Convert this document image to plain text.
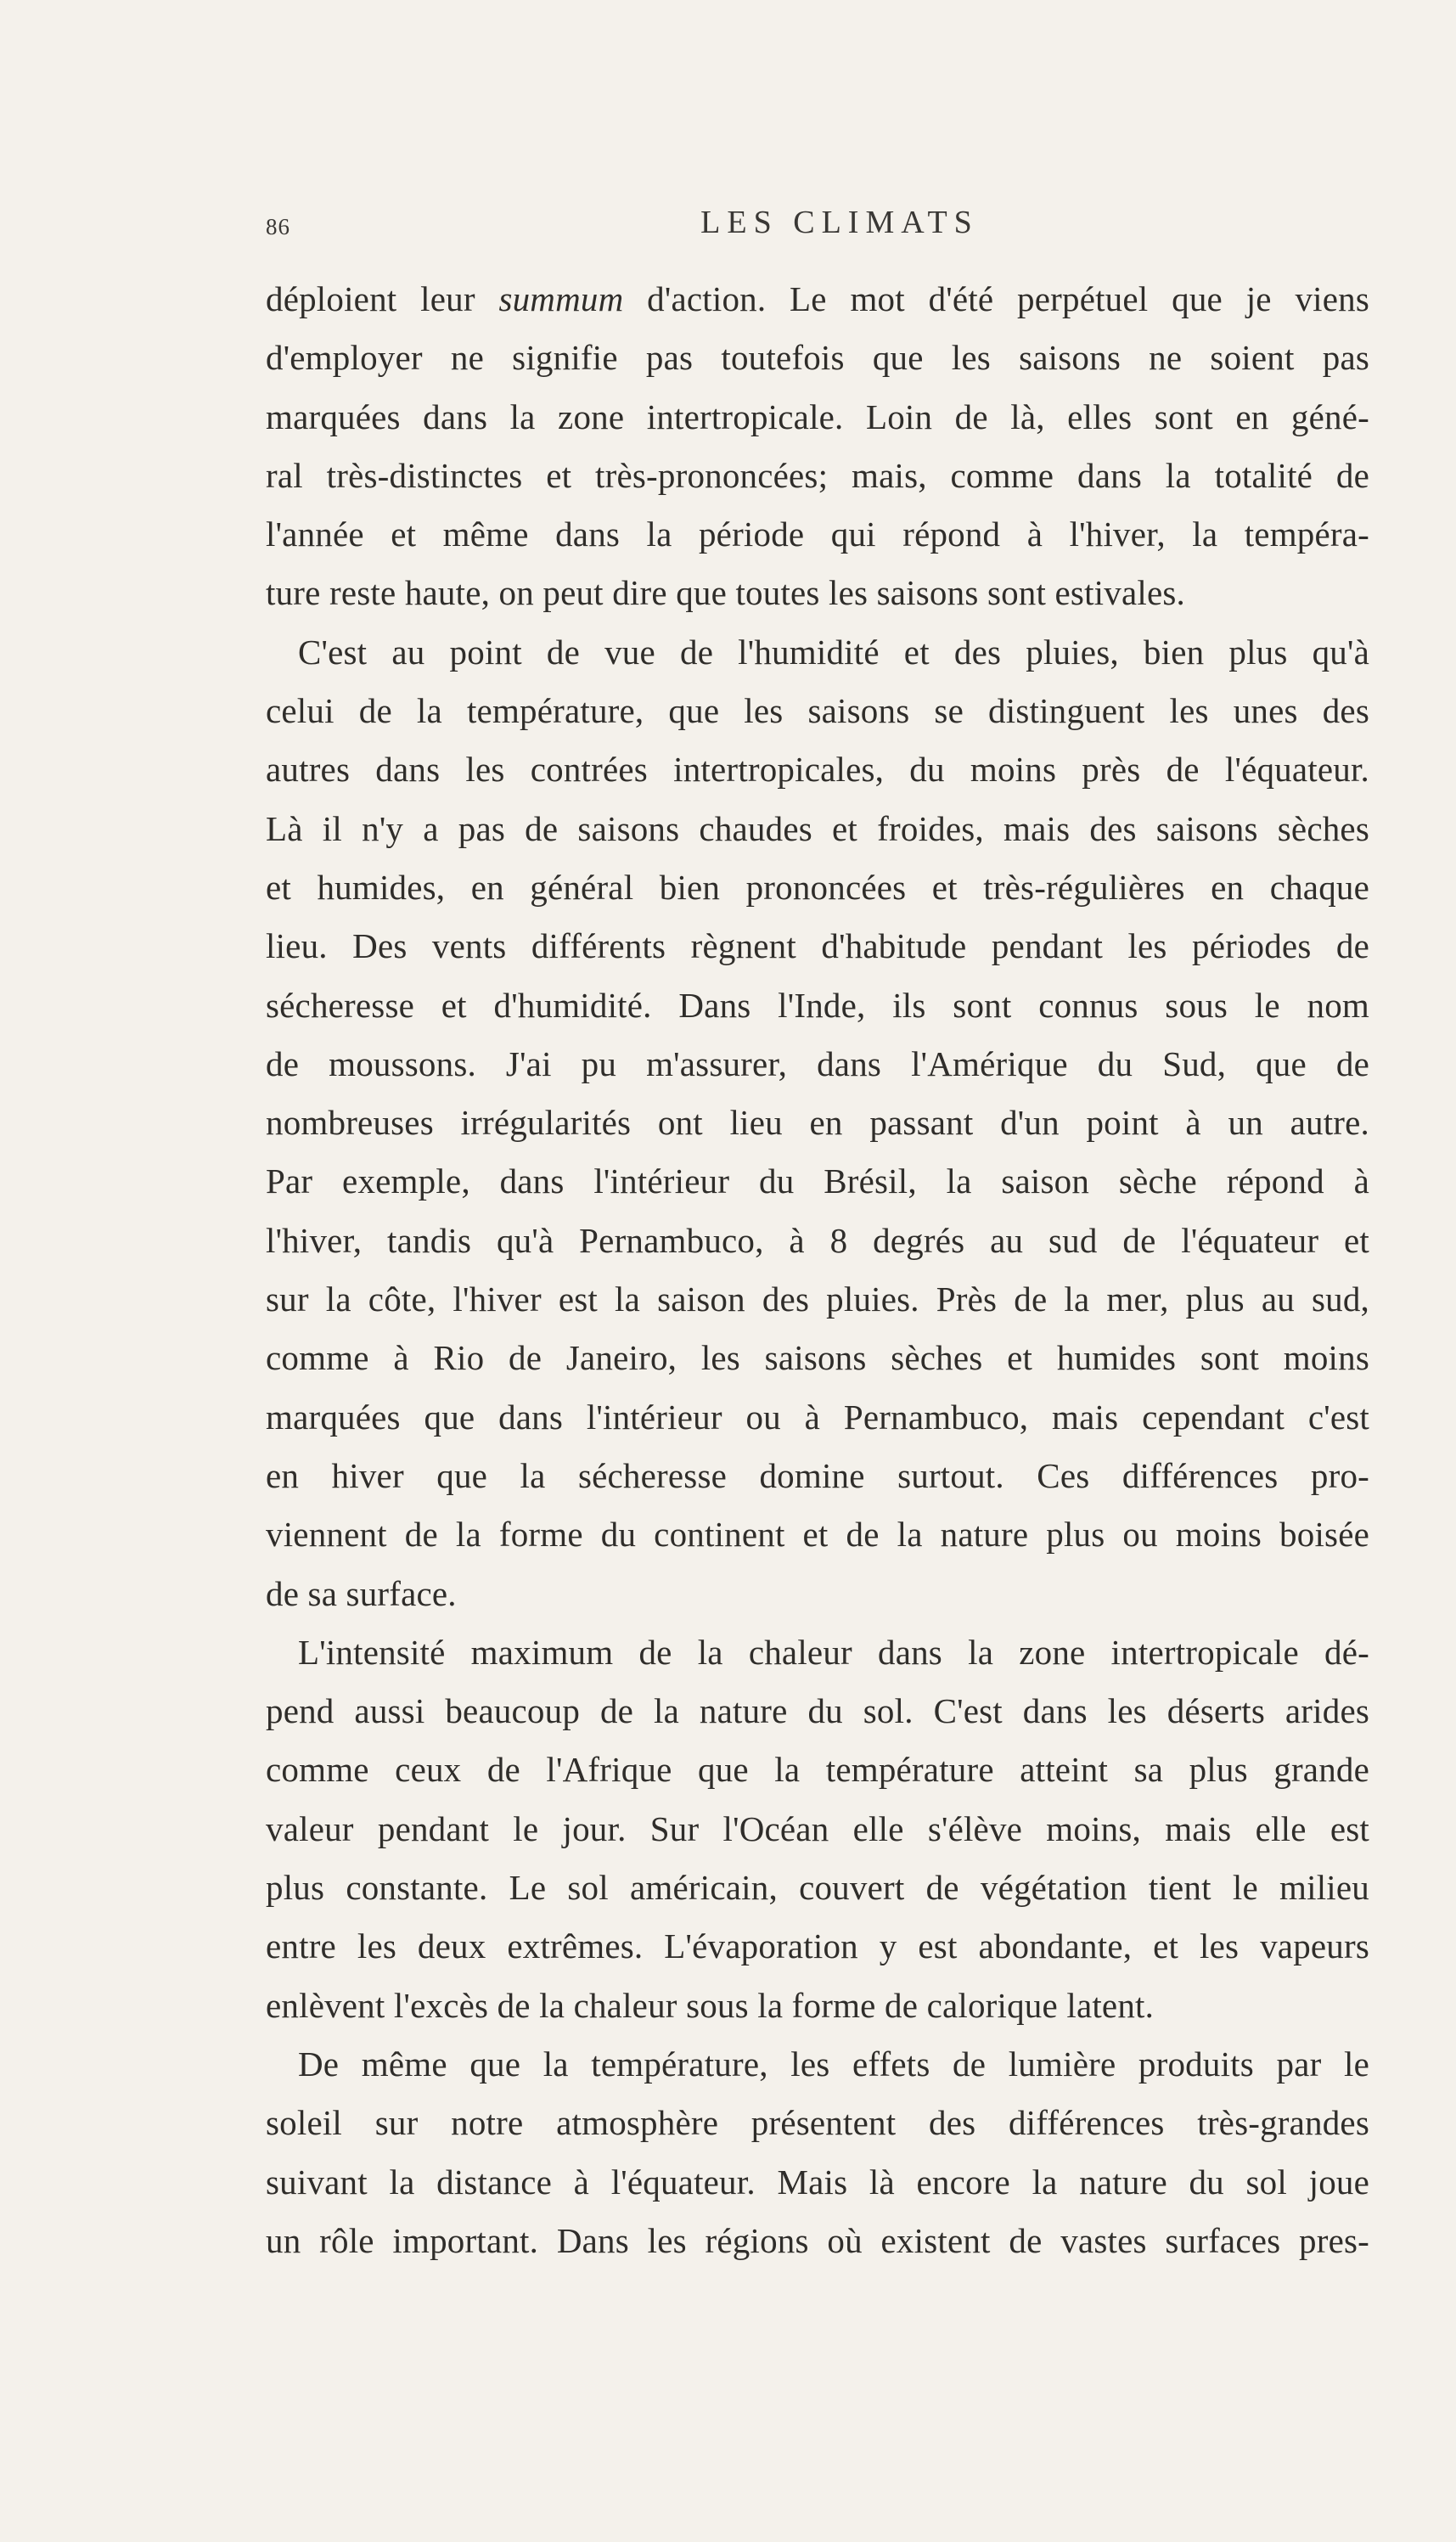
86	LES CLIMATS
déploient leur summum d'action. Le mot d'été perpétuel que je viens
d'employer ne signifie pas toutefois que les saisons ne soient pas
marquées dans la zone intertropicale. Loin de là, elles sont en géné-
ral très-distinctes et très-prononcées; mais, comme dans la totalité de
l'année et même dans la période qui répond à l'hiver, la tempéra-
ture reste haute, on peut dire que toutes les saisons sont estivales.
C'est au point de vue de l'humidité et des pluies, bien plus qu'à
celui de la température, que les saisons se distinguent les unes des
autres dans les contrées intertropicales, du moins près de l'équateur.
Là il n'y a pas de saisons chaudes et froides, mais des saisons sèches
et humides, en général bien prononcées et très-régulières en chaque
lieu. Des vents différents règnent d'habitude pendant les périodes de
sécheresse et d'humidité. Dans l'Inde, ils sont connus sous le nom
de moussons. J'ai pu m'assurer, dans l'Amérique du Sud, que de
nombreuses irrégularités ont lieu en passant d'un point à un autre.
Par exemple, dans l'intérieur du Brésil, la saison sèche répond à
l'hiver, tandis qu'à Pernambuco, à 8 degrés au sud de l'équateur et
sur la côte, l'hiver est la saison des pluies. Près de la mer, plus au sud,
comme à Rio de Janeiro, les saisons sèches et humides sont moins
marquées que dans l'intérieur ou à Pernambuco, mais cependant c'est
en hiver que la sécheresse domine surtout. Ces différences pro-
viennent de la forme du continent et de la nature plus ou moins boisée
de sa surface.
L'intensité maximum de la chaleur dans la zone intertropicale dé-
pend aussi beaucoup de la nature du sol. C'est dans les déserts arides
comme ceux de l'Afrique que la température atteint sa plus grande
valeur pendant le jour. Sur l'Océan elle s'élève moins, mais elle est
plus constante. Le sol américain, couvert de végétation tient le milieu
entre les deux extrêmes. L'évaporation y est abondante, et les vapeurs
enlèvent l'excès de la chaleur sous la forme de calorique latent.
De même que la température, les effets de lumière produits par le
soleil sur notre atmosphère présentent des différences très-grandes
suivant la distance à l'équateur. Mais là encore la nature du sol joue
un rôle important. Dans les régions où existent de vastes surfaces pres-
